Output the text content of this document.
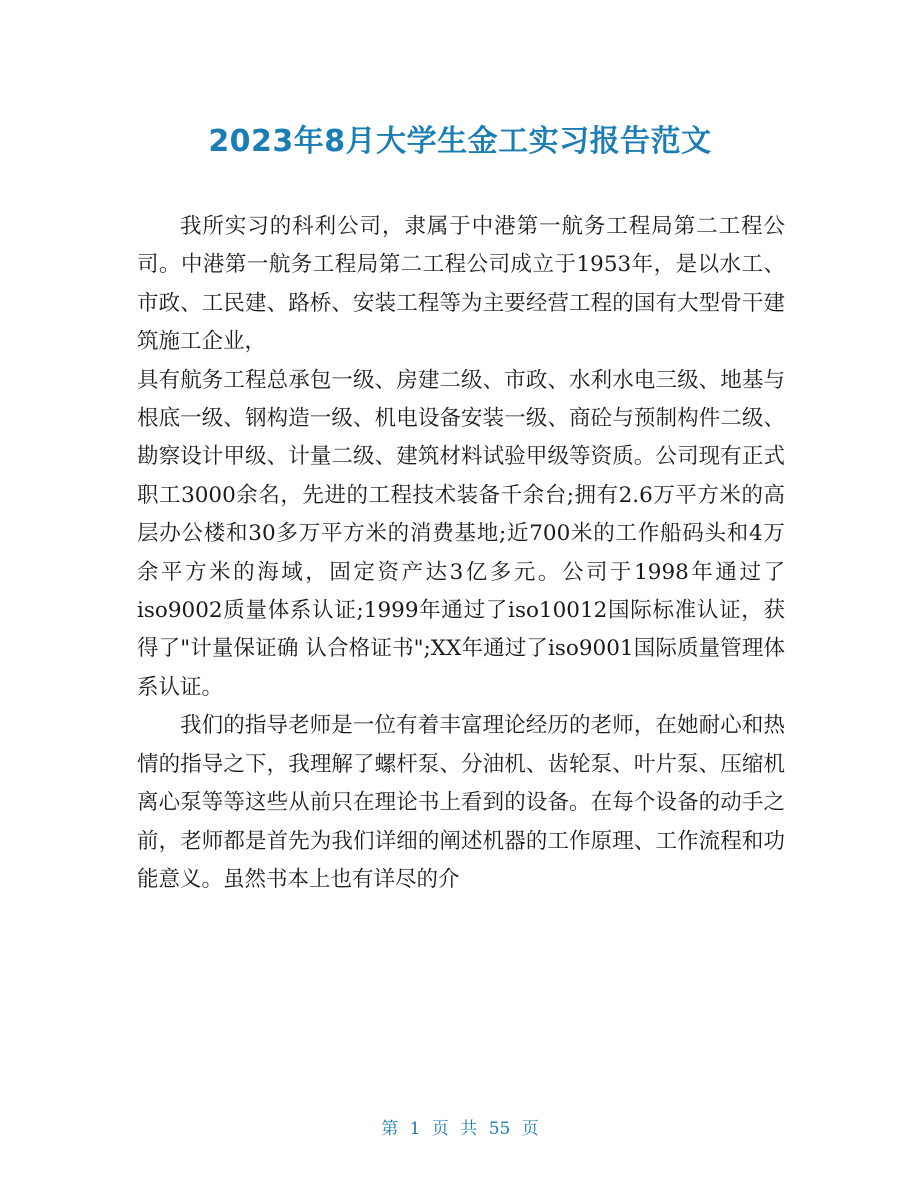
2023年8月大学生金工实习报告范文

我所实习的科利公司，隶属于中港第一航务工程局第二工程公司。中港第一航务工程局第二工程公司成立于1953年，是以水工、市政、工民建、路桥、安装工程等为主要经营工程的国有大型骨干建筑施工企业，

具有航务工程总承包一级、房建二级、市政、水利水电三级、地基与根底一级、钢构造一级、机电设备安装一级、商砼与预制构件二级、勘察设计甲级、计量二级、建筑材料试验甲级等资质。公司现有正式职工3000余名，先进的工程技术装备千余台;拥有2.6万平方米的高层办公楼和30多万平方米的消费基地;近700米的工作船码头和4万余平方米的海域，固定资产达3亿多元。公司于1998年通过了iso9002质量体系认证;1999年通过了iso10012国际标准认证，获得了"计量保证确 认合格证书";XX年通过了iso9001国际质量管理体系认证。

我们的指导老师是一位有着丰富理论经历的老师，在她耐心和热情的指导之下，我理解了螺杆泵、分油机、齿轮泵、叶片泵、压缩机离心泵等等这些从前只在理论书上看到的设备。在每个设备的动手之前，老师都是首先为我们详细的阐述机器的工作原理、工作流程和功能意义。虽然书本上也有详尽的介

第 1 页 共 55 页
